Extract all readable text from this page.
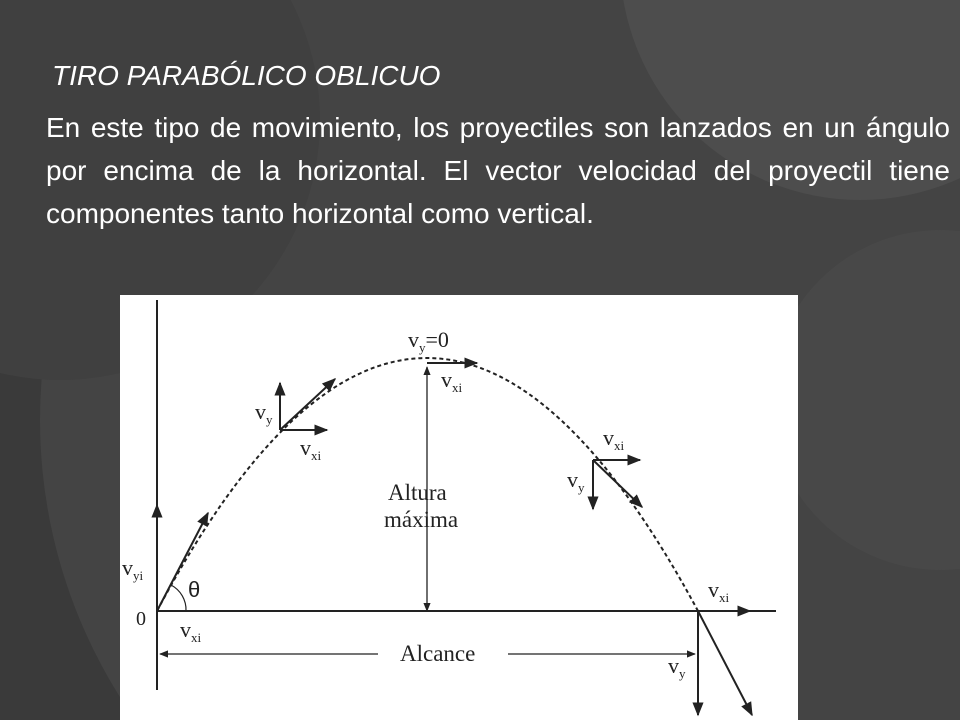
TIRO PARABÓLICO OBLICUO
En este tipo de movimiento, los proyectiles son lanzados en un ángulo por encima de la horizontal. El vector velocidad del proyectil tiene componentes tanto horizontal como vertical.
0
θ
$v_{yi}$
$v_{xi}$
$v_y$
$v_{xi}$
$v_y=0$
$v_{xi}$
$v_{xi}$
$v_y$
$v_{xi}$
$v_y$
Altura
máxima
Alcance
